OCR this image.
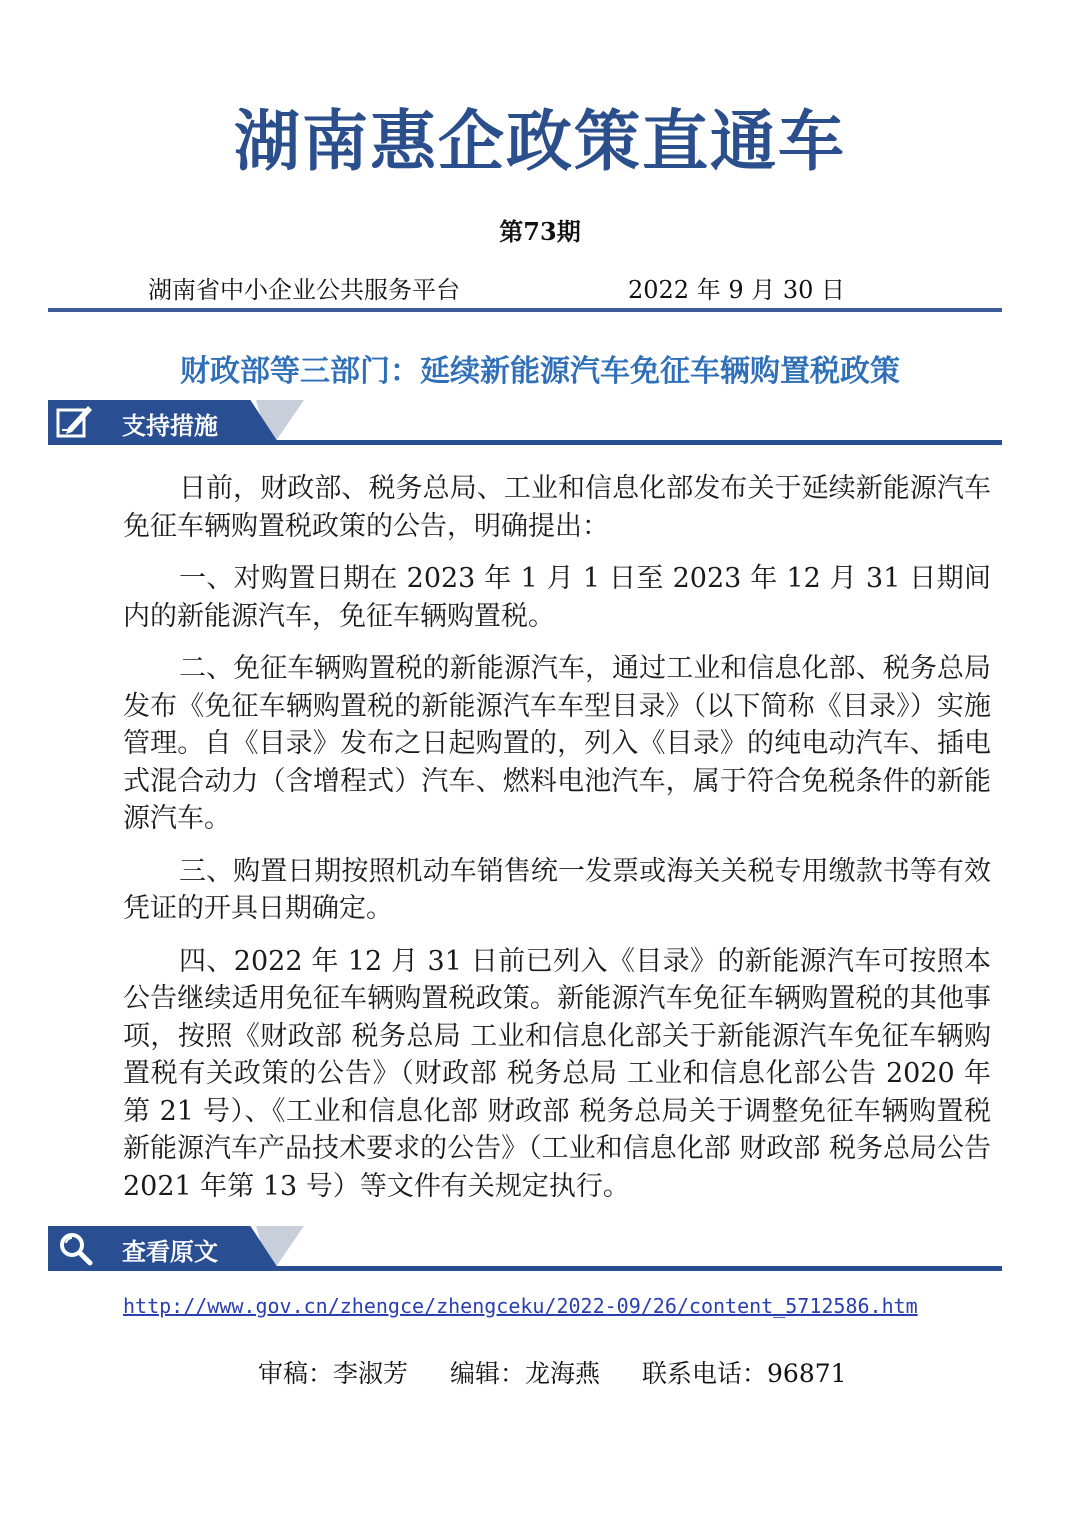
湖南惠企政策直通车
第73期
湖南省中小企业公共服务平台	2022 年 9 月 30 日
财政部等三部门：延续新能源汽车免征车辆购置税政策
支持措施

日前，财政部、税务总局、工业和信息化部发布关于延续新能源汽车免征车辆购置税政策的公告，明确提出：

一、对购置日期在 2023 年 1 月 1 日至 2023 年 12 月 31 日期间内的新能源汽车，免征车辆购置税。

二、免征车辆购置税的新能源汽车，通过工业和信息化部、税务总局发布《免征车辆购置税的新能源汽车车型目录》（以下简称《目录》）实施管理。自《目录》发布之日起购置的，列入《目录》的纯电动汽车、插电式混合动力（含增程式）汽车、燃料电池汽车，属于符合免税条件的新能源汽车。

三、购置日期按照机动车销售统一发票或海关关税专用缴款书等有效凭证的开具日期确定。

四、2022 年 12 月 31 日前已列入《目录》的新能源汽车可按照本公告继续适用免征车辆购置税政策。新能源汽车免征车辆购置税的其他事项，按照《财政部 税务总局 工业和信息化部关于新能源汽车免征车辆购置税有关政策的公告》（财政部 税务总局 工业和信息化部公告 2020 年第 21 号）、《工业和信息化部 财政部 税务总局关于调整免征车辆购置税新能源汽车产品技术要求的公告》（工业和信息化部 财政部 税务总局公告 2021 年第 13 号）等文件有关规定执行。

查看原文
http://www.gov.cn/zhengce/zhengceku/2022-09/26/content_5712586.htm
审稿：李淑芳 编辑：龙海燕 联系电话：96871
